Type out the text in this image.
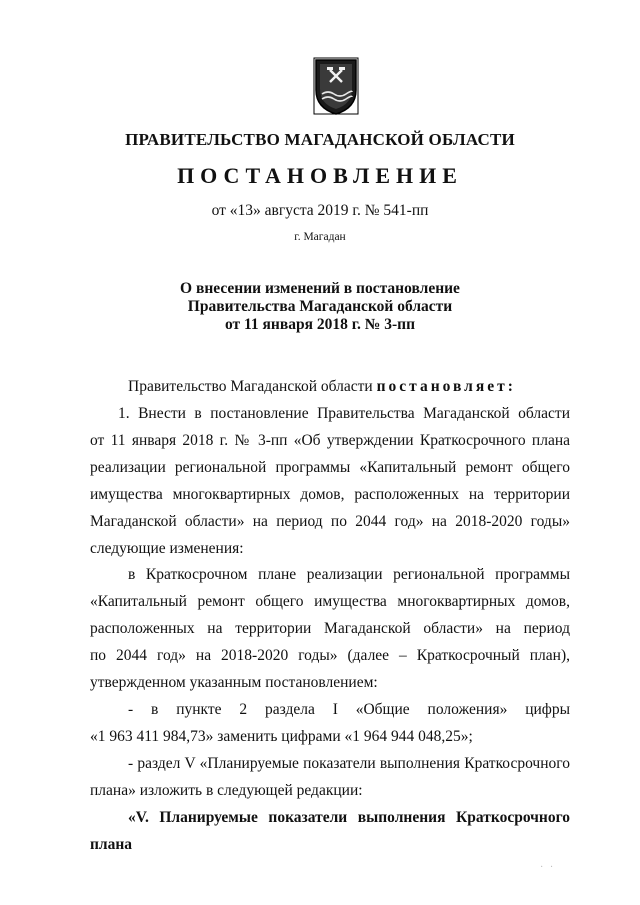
ПРАВИТЕЛЬСТВО МАГАДАНСКОЙ ОБЛАСТИ
ПОСТАНОВЛЕНИЕ
от «13» августа 2019 г. № 541-пп
г. Магадан
О внесении изменений в постановление
Правительства Магаданской области
от 11 января 2018 г. № 3-пп
Правительство Магаданской области постановляет:
1. Внести в постановление Правительства Магаданской области
от 11 января 2018 г. № 3-пп «Об утверждении Краткосрочного плана
реализации региональной программы «Капитальный ремонт общего
имущества многоквартирных домов, расположенных на территории
Магаданской области» на период по 2044 год» на 2018-2020 годы»
следующие изменения:
в Краткосрочном плане реализации региональной программы
«Капитальный ремонт общего имущества многоквартирных домов,
расположенных на территории Магаданской области» на период
по 2044 год» на 2018-2020 годы» (далее – Краткосрочный план),
утвержденном указанным постановлением:
- в пункте 2 раздела I «Общие положения» цифры
«1 963 411 984,73» заменить цифрами «1 964 944 048,25»;
- раздел V «Планируемые показатели выполнения Краткосрочного
плана» изложить в следующей редакции:
«V. Планируемые показатели выполнения Краткосрочного
плана
· ·
